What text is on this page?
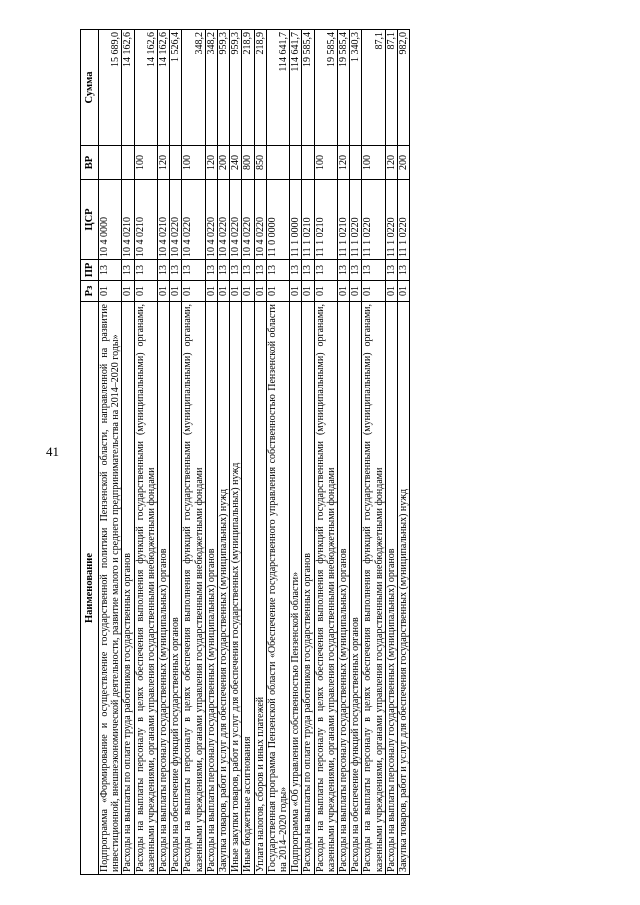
41
Наименование	Рз	ПР	ЦСР	ВР	Сумма
Подпрограмма «Формирование и осуществление государственной политики Пензенской области, направленной на развитие инвестиционной, внешнеэкономической деятельности, развитие малого и среднего предпринимательства на 2014–2020 годы»	01	13	10 4 0000		15 689,0
Расходы на выплаты по оплате труда работников государственных органов	01	13	10 4 0210		14 162,6
Расходы на выплаты персоналу в целях обеспечения выполнения функций государственными (муниципальными) органами, казенными учреждениями, органами управления государственными внебюджетными фондами	01	13	10 4 0210	100	14 162,6
Расходы на выплаты персоналу государственных (муниципальных) органов	01	13	10 4 0210	120	14 162,6
Расходы на обеспечение функций государственных органов	01	13	10 4 0220		1 526,4
Расходы на выплаты персоналу в целях обеспечения выполнения функций государственными (муниципальными) органами, казенными учреждениями, органами управления государственными внебюджетными фондами	01	13	10 4 0220	100	348,2
Расходы на выплаты персоналу государственных (муниципальных) органов	01	13	10 4 0220	120	348,2
Закупка товаров, работ и услуг для обеспечения государственных (муниципальных) нужд	01	13	10 4 0220	200	959,3
Иные закупки товаров, работ и услуг для обеспечения государственных (муниципальных) нужд	01	13	10 4 0220	240	959,3
Иные бюджетные ассигнования	01	13	10 4 0220	800	218,9
Уплата налогов, сборов и иных платежей	01	13	10 4 0220	850	218,9
Государственная программа Пензенской области «Обеспечение государственного управления собственностью Пензенской области на 2014–2020 годы»	01	13	11 0 0000		114 641,7
Подпрограмма «Об управлении собственностью Пензенской области»	01	13	11 1 0000		114 641,7
Расходы на выплаты по оплате труда работников государственных органов	01	13	11 1 0210		19 585,4
Расходы на выплаты персоналу в целях обеспечения выполнения функций государственными (муниципальными) органами, казенными учреждениями, органами управления государственными внебюджетными фондами	01	13	11 1 0210	100	19 585,4
Расходы на выплаты персоналу государственных (муниципальных) органов	01	13	11 1 0210	120	19 585,4
Расходы на обеспечение функций государственных органов	01	13	11 1 0220		1 340,3
Расходы на выплаты персоналу в целях обеспечения выполнения функций государственными (муниципальными) органами, казенными учреждениями, органами управления государственными внебюджетными фондами	01	13	11 1 0220	100	87,1
Расходы на выплаты персоналу государственных (муниципальных) органов	01	13	11 1 0220	120	87,1
Закупка товаров, работ и услуг для обеспечения государственных (муниципальных) нужд	01	13	11 1 0220	200	982,0
